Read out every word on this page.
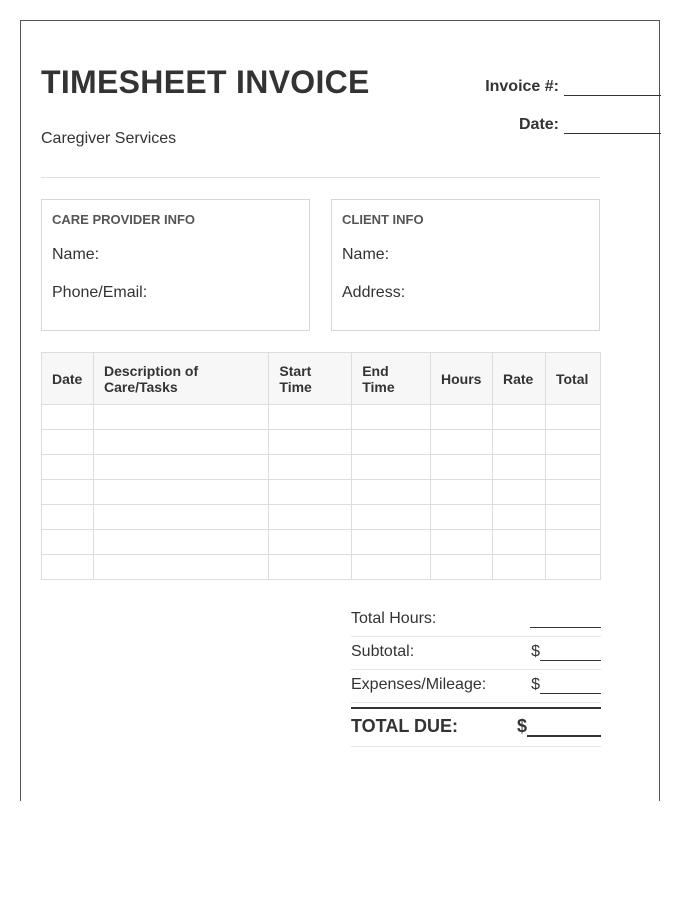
TIMESHEET INVOICE
Caregiver Services
Invoice #:
Date:
CARE PROVIDER INFO
Name:
Phone/Email:
CLIENT INFO
Name:
Address:
Date	Description of Care/Tasks	Start Time	End Time	Hours	Rate	Total

Total Hours:
Subtotal:	$
Expenses/Mileage:	$
TOTAL DUE:	$
